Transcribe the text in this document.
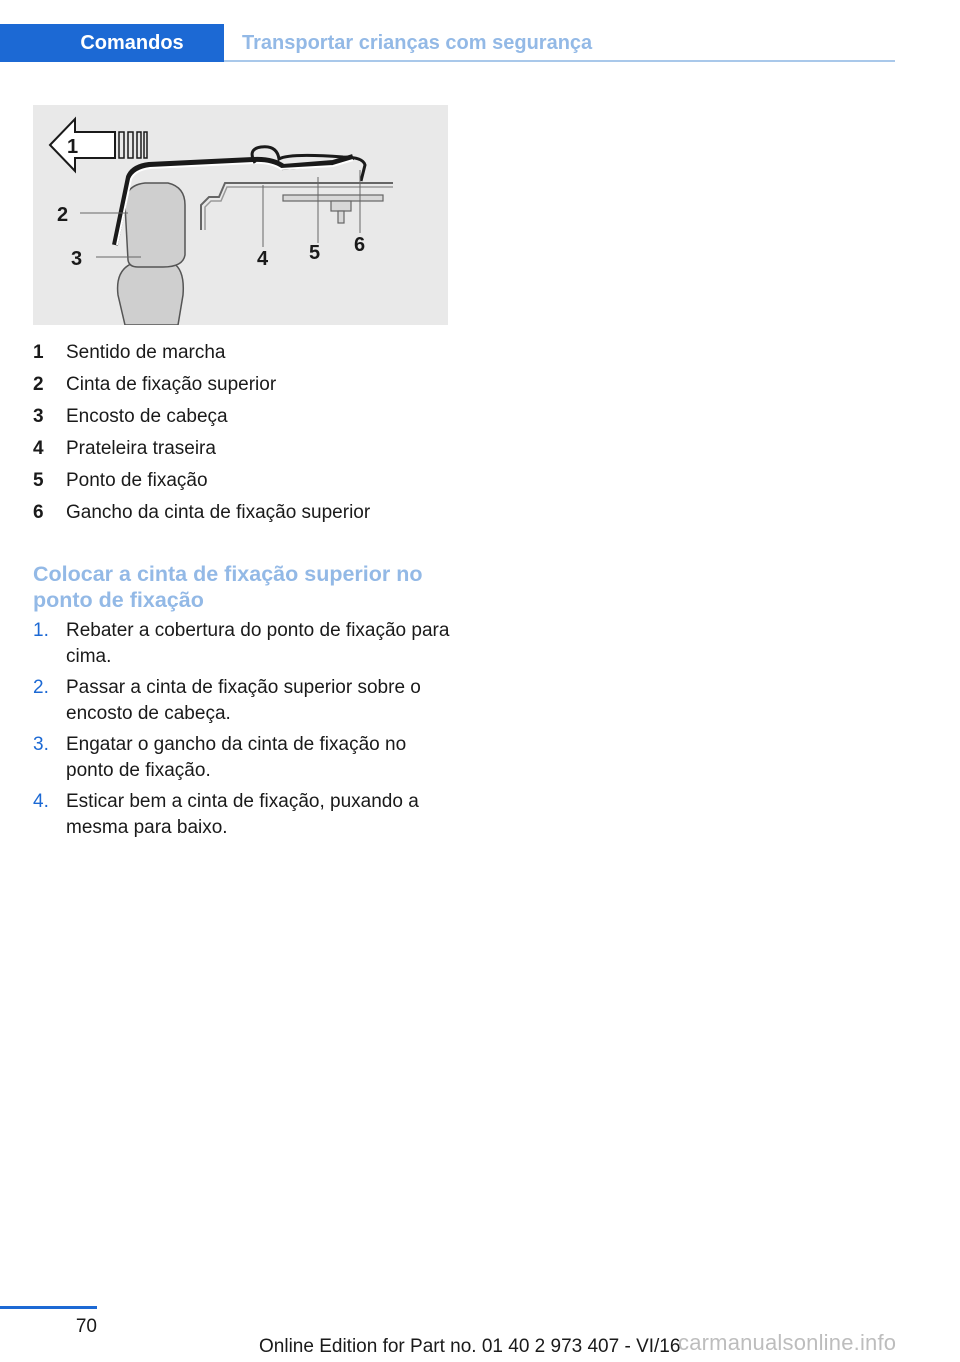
Comandos	Transportar crianças com segurança
1
2
3	4 5 6
1	Sentido de marcha
2	Cinta de fixação superior
3	Encosto de cabeça
4	Prateleira traseira
5	Ponto de fixação
6	Gancho da cinta de fixação superior
Colocar a cinta de fixação superior no ponto de fixação
1. Rebater a cobertura do ponto de fixação para cima.
2. Passar a cinta de fixação superior sobre o encosto de cabeça.
3. Engatar o gancho da cinta de fixação no ponto de fixação.
4. Esticar bem a cinta de fixação, puxando a mesma para baixo.
70
Online Edition for Part no. 01 40 2 973 407 - VI/16
carmanualsonline.info
